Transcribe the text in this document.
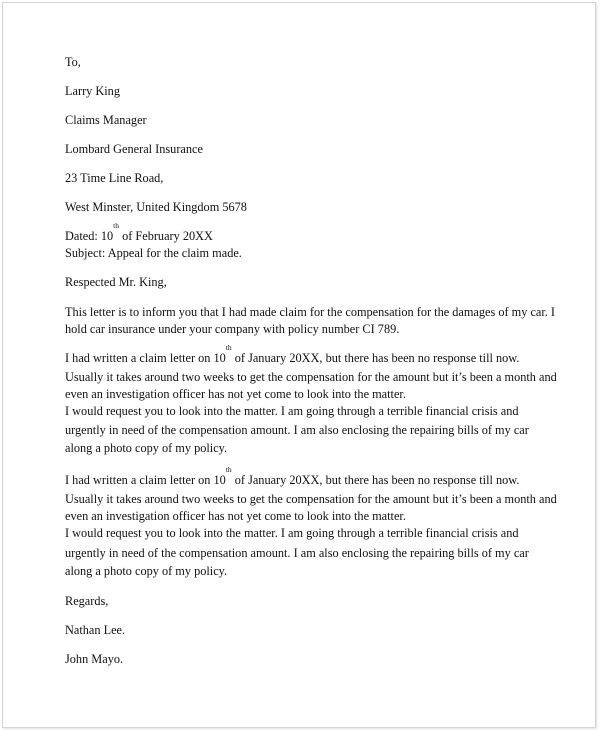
To,
Larry King
Claims Manager
Lombard General Insurance
23 Time Line Road,
West Minster, United Kingdom 5678
Dated: 10th of February 20XX
Subject: Appeal for the claim made.
Respected Mr. King,
This letter is to inform you that I had made claim for the compensation for the damages of my car. I
hold car insurance under your company with policy number CI 789.
I had written a claim letter on 10th of January 20XX, but there has been no response till now.
Usually it takes around two weeks to get the compensation for the amount but it’s been a month and
even an investigation officer has not yet come to look into the matter.
I would request you to look into the matter. I am going through a terrible financial crisis and
urgently in need of the compensation amount. I am also enclosing the repairing bills of my car
along a photo copy of my policy.
I had written a claim letter on 10th of January 20XX, but there has been no response till now.
Usually it takes around two weeks to get the compensation for the amount but it’s been a month and
even an investigation officer has not yet come to look into the matter.
I would request you to look into the matter. I am going through a terrible financial crisis and
urgently in need of the compensation amount. I am also enclosing the repairing bills of my car
along a photo copy of my policy.
Regards,
Nathan Lee.
John Mayo.
